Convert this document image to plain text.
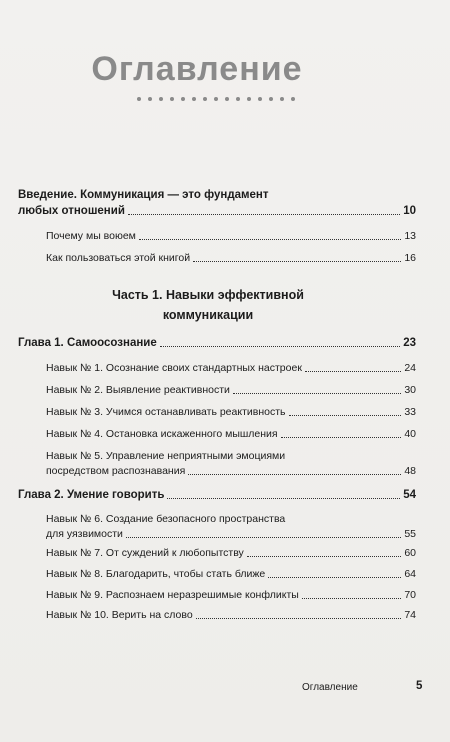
Оглавление
Введение. Коммуникация — это фундамент
любых отношений	10
Почему мы воюем	13
Как пользоваться этой книгой	16
Часть 1. Навыки эффективной
коммуникации
Глава 1. Самоосознание	23
Навык № 1. Осознание своих стандартных настроек	24
Навык № 2. Выявление реактивности	30
Навык № 3. Учимся останавливать реактивность	33
Навык № 4. Остановка искаженного мышления	40
Навык № 5. Управление неприятными эмоциями
посредством распознавания	48
Глава 2. Умение говорить	54
Навык № 6. Создание безопасного пространства
для уязвимости	55
Навык № 7. От суждений к любопытству	60
Навык № 8. Благодарить, чтобы стать ближе	64
Навык № 9. Распознаем неразрешимые конфликты	70
Навык № 10. Верить на слово	74
Оглавление	5
